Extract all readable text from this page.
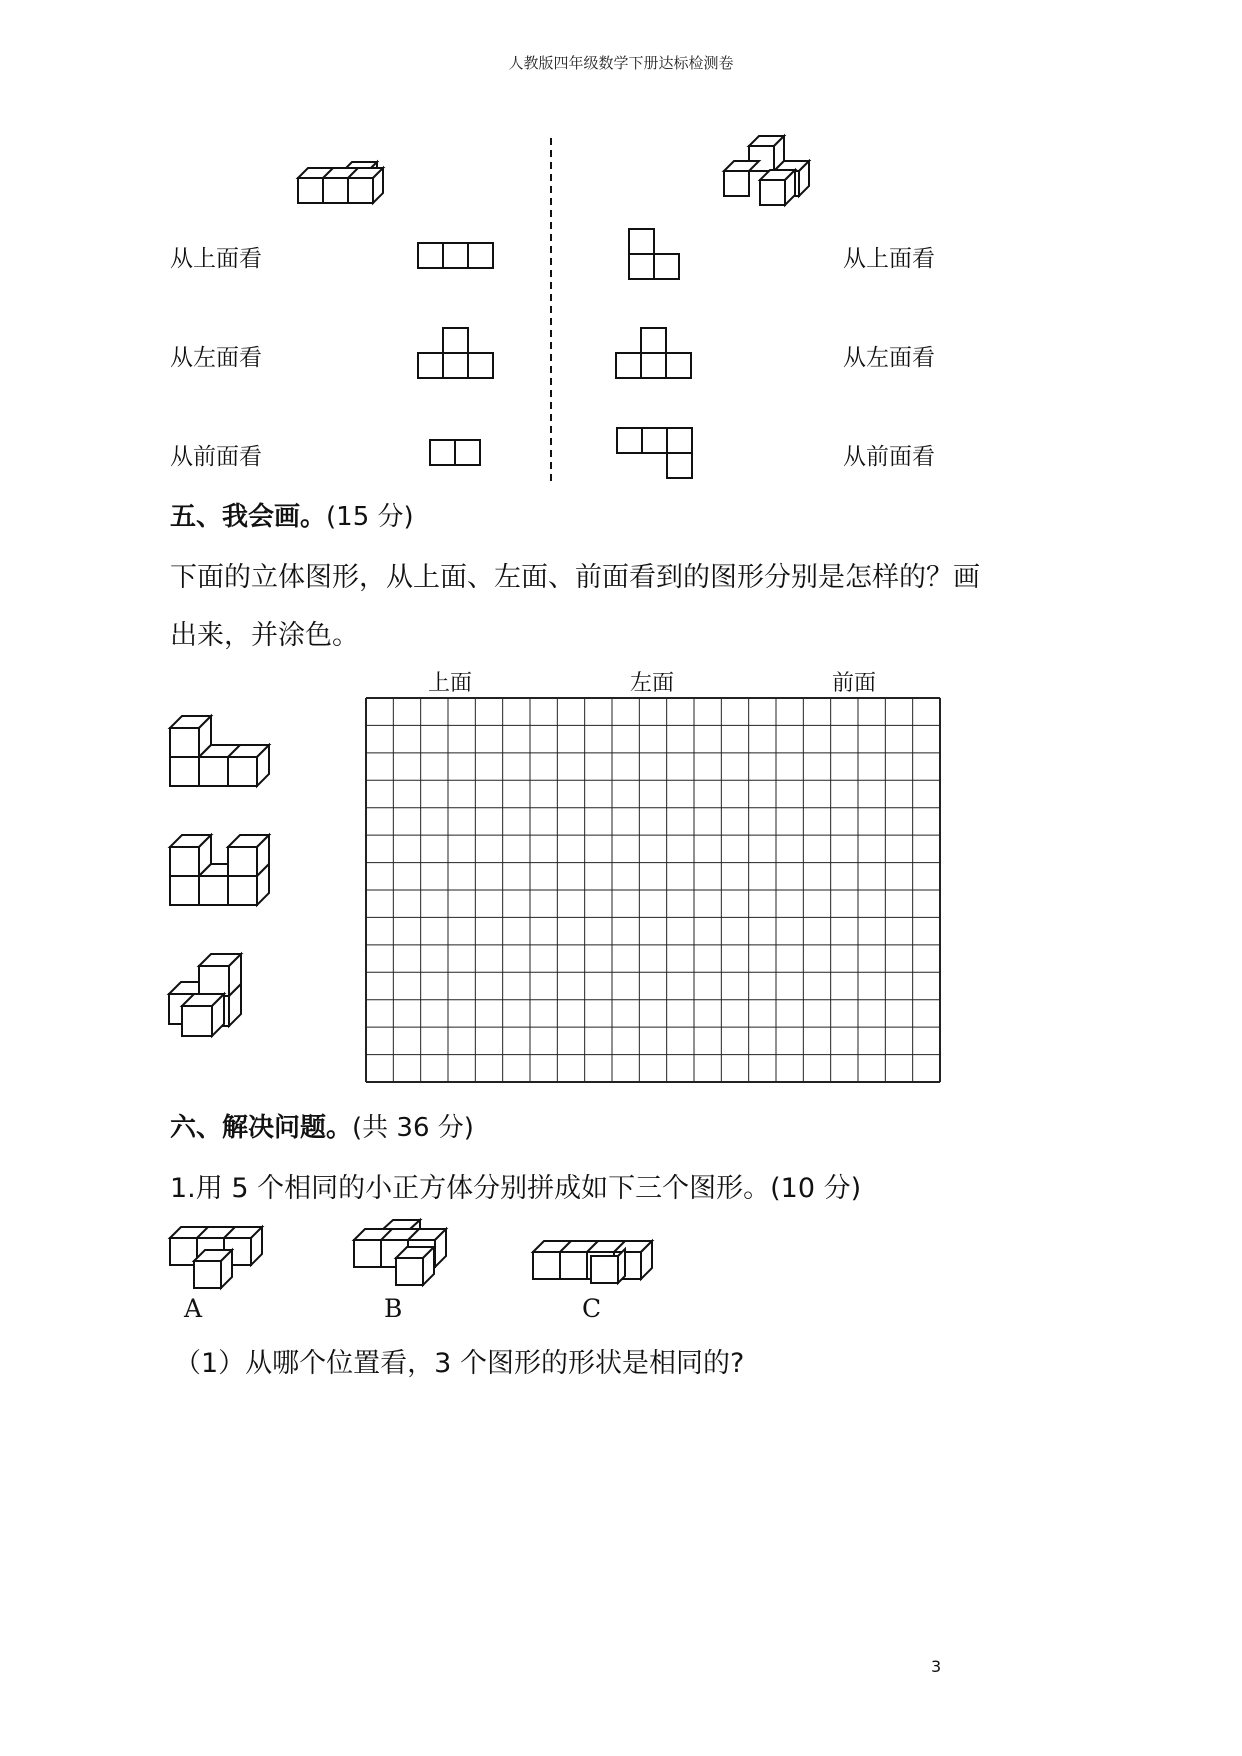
人教版四年级数学下册达标检测卷
从上面看
从左面看
从前面看
从上面看
从左面看
从前面看
五、我会画。(15 分)
下面的立体图形，从上面、左面、前面看到的图形分别是怎样的？画
出来，并涂色。
上面	左面	前面
六、解决问题。(共 36 分)
1.用 5 个相同的小正方体分别拼成如下三个图形。(10 分)
A	B	C
（1）从哪个位置看，3 个图形的形状是相同的?
3
